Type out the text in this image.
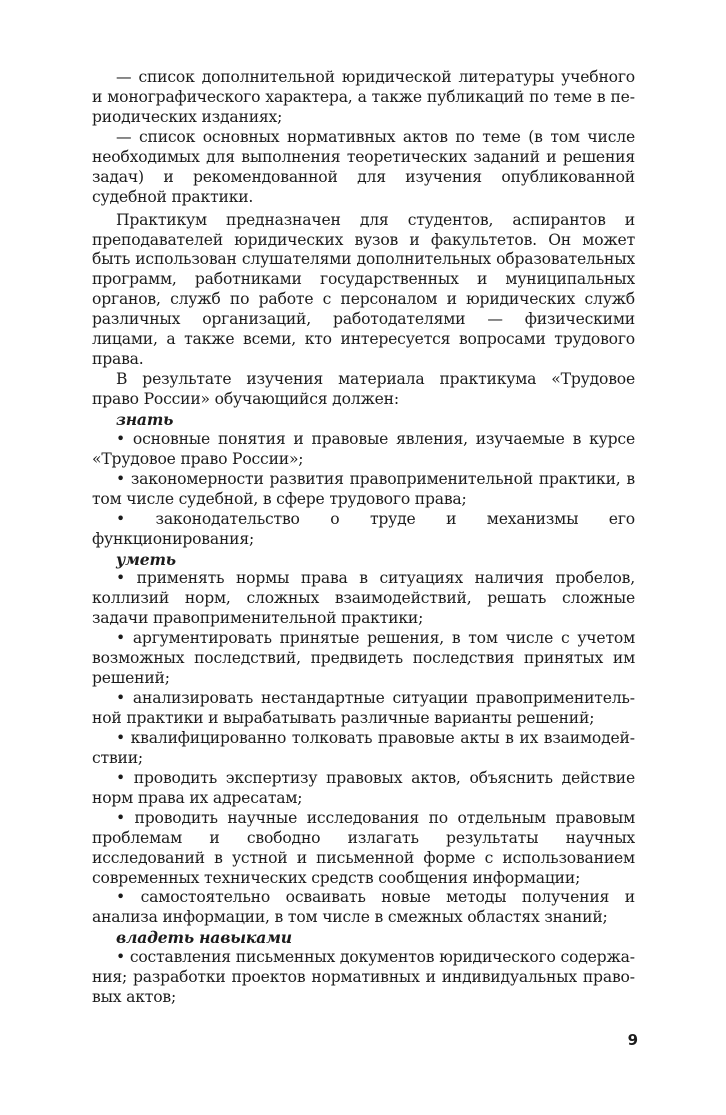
— список дополнительной юридической литературы учебного и монографического характера, а также публикаций по теме в периодических изданиях;

— список основных нормативных актов по теме (в том числе необходимых для выполнения теоретических заданий и решения задач) и рекомендованной для изучения опубликованной судебной практики.

Практикум предназначен для студентов, аспирантов и преподавателей юридических вузов и факультетов. Он может быть использован слушателями дополнительных образовательных программ, работниками государственных и муниципальных органов, служб по работе с персоналом и юридических служб различных организаций, работодателями — физическими лицами, а также всеми, кто интересуется вопросами трудового права.

В результате изучения материала практикума «Трудовое право России» обучающийся должен:

знать

• основные понятия и правовые явления, изучаемые в курсе «Трудовое право России»;

• закономерности развития правоприменительной практики, в том числе судебной, в сфере трудового права;

• законодательство о труде и механизмы его функционирования;

уметь

• применять нормы права в ситуациях наличия пробелов, коллизий норм, сложных взаимодействий, решать сложные задачи правоприменительной практики;

• аргументировать принятые решения, в том числе с учетом возможных последствий, предвидеть последствия принятых им решений;

• анализировать нестандартные ситуации правоприменительной практики и вырабатывать различные варианты решений;

• квалифицированно толковать правовые акты в их взаимодействии;

• проводить экспертизу правовых актов, объяснить действие норм права их адресатам;

• проводить научные исследования по отдельным правовым проблемам и свободно излагать результаты научных исследований в устной и письменной форме с использованием современных технических средств сообщения информации;

• самостоятельно осваивать новые методы получения и анализа информации, в том числе в смежных областях знаний;

владеть навыками

• составления письменных документов юридического содержания; разработки проектов нормативных и индивидуальных правовых актов;

9
